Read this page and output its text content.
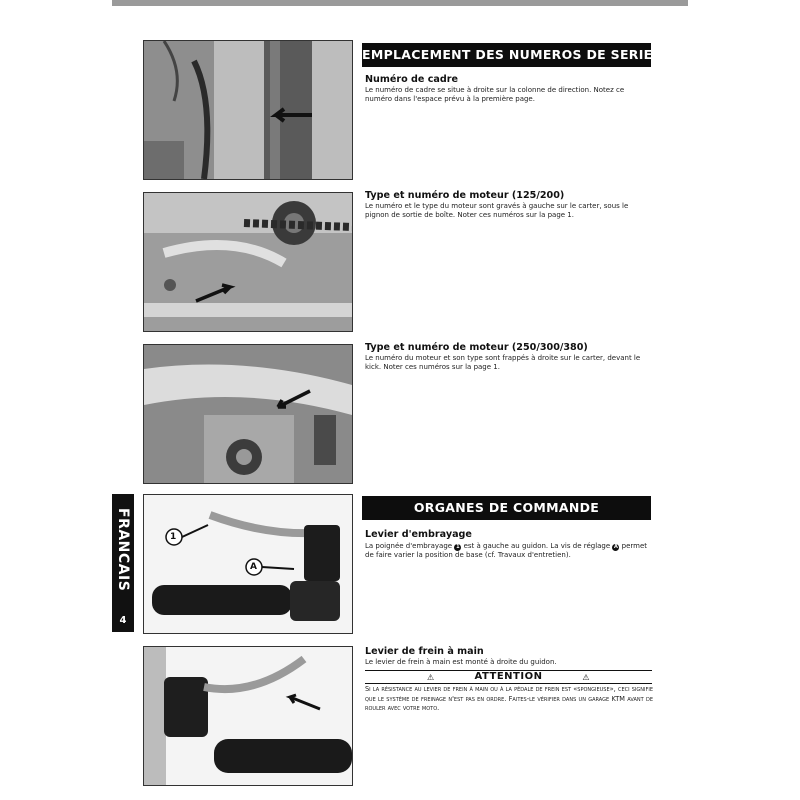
1
A
EMPLACEMENT DES NUMEROS DE SERIE
Numéro de cadre
Le numéro de cadre se situe à droite sur la colonne de direction. Notez ce numéro dans l'espace prévu à la première page.
Type et numéro de moteur (125/200)
Le numéro et le type du moteur sont gravés à gauche sur le carter, sous le pignon de sortie de boîte. Noter ces numéros sur la page 1.
Type et numéro de moteur (250/300/380)
Le numéro du moteur et son type sont frappés à droite sur le carter, devant le kick. Noter ces numéros sur la page 1.
ORGANES DE COMMANDE
Levier d'embrayage
La poignée d'embrayage 1 est à gauche au guidon. La vis de réglage A permet de faire varier la position de base (cf. Travaux d'entretien).
Levier de frein à main
Le levier de frein à main est monté à droite du guidon.
⚠	ATTENTION	⚠
Si la résistance au levier de frein à main ou à la pédale de frein est «spongieuse», ceci signifie que le système de freinage n'est pas en ordre. Faites-le vérifier dans un garage KTM avant de rouler avec votre moto.
FRANCAIS
4
